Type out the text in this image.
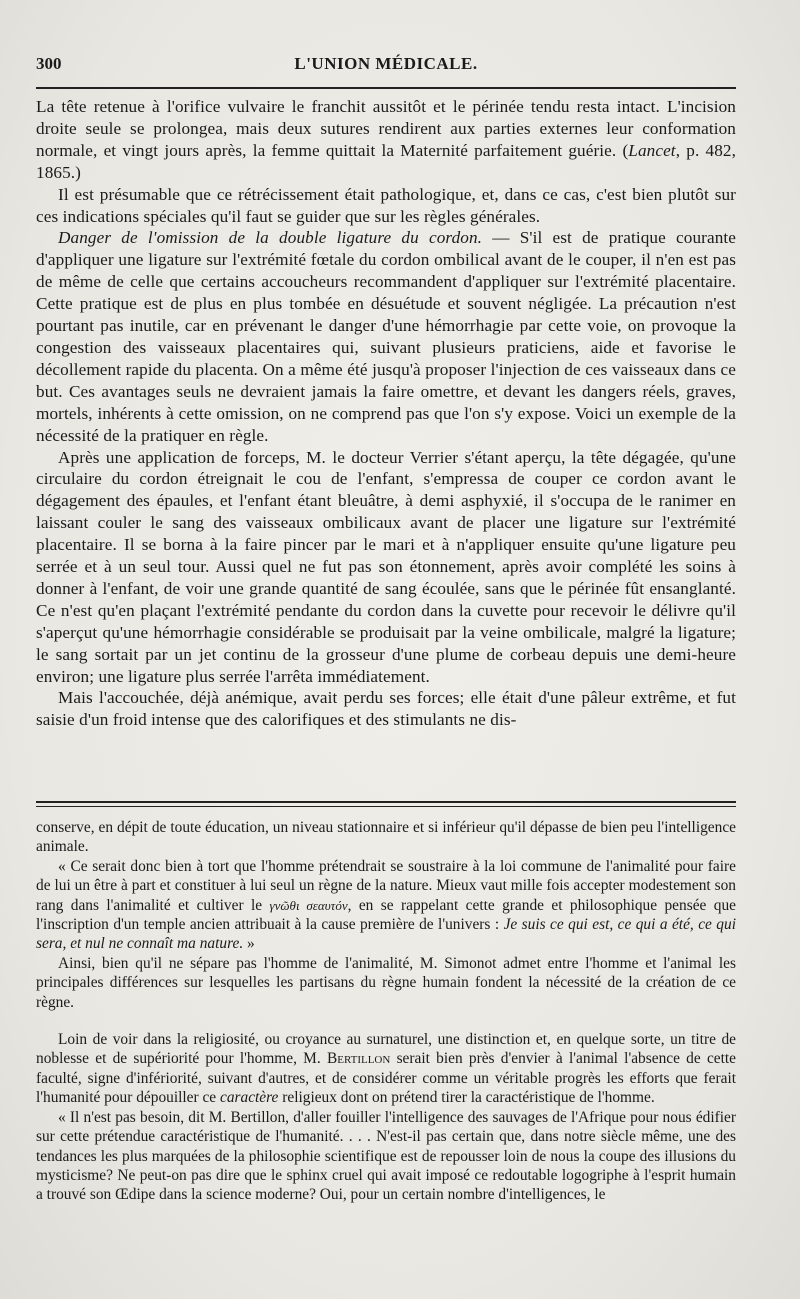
300	L'UNION MÉDICALE.

La tête retenue à l'orifice vulvaire le franchit aussitôt et le périnée tendu resta intact. L'incision droite seule se prolongea, mais deux sutures rendirent aux parties externes leur conformation normale, et vingt jours après, la femme quittait la Maternité parfaitement guérie. (Lancet, p. 482, 1865.)

Il est présumable que ce rétrécissement était pathologique, et, dans ce cas, c'est bien plutôt sur ces indications spéciales qu'il faut se guider que sur les règles générales.

Danger de l'omission de la double ligature du cordon. — S'il est de pratique courante d'appliquer une ligature sur l'extrémité fœtale du cordon ombilical avant de le couper, il n'en est pas de même de celle que certains accoucheurs recommandent d'appliquer sur l'extrémité placentaire. Cette pratique est de plus en plus tombée en désuétude et souvent négligée. La précaution n'est pourtant pas inutile, car en prévenant le danger d'une hémorrhagie par cette voie, on provoque la congestion des vaisseaux placentaires qui, suivant plusieurs praticiens, aide et favorise le décollement rapide du placenta. On a même été jusqu'à proposer l'injection de ces vaisseaux dans ce but. Ces avantages seuls ne devraient jamais la faire omettre, et devant les dangers réels, graves, mortels, inhérents à cette omission, on ne comprend pas que l'on s'y expose. Voici un exemple de la nécessité de la pratiquer en règle.

Après une application de forceps, M. le docteur Verrier s'étant aperçu, la tête dégagée, qu'une circulaire du cordon étreignait le cou de l'enfant, s'empressa de couper ce cordon avant le dégagement des épaules, et l'enfant étant bleuâtre, à demi asphyxié, il s'occupa de le ranimer en laissant couler le sang des vaisseaux ombilicaux avant de placer une ligature sur l'extrémité placentaire. Il se borna à la faire pincer par le mari et à n'appliquer ensuite qu'une ligature peu serrée et à un seul tour. Aussi quel ne fut pas son étonnement, après avoir complété les soins à donner à l'enfant, de voir une grande quantité de sang écoulée, sans que le périnée fût ensanglanté. Ce n'est qu'en plaçant l'extrémité pendante du cordon dans la cuvette pour recevoir le délivre qu'il s'aperçut qu'une hémorrhagie considérable se produisait par la veine ombilicale, malgré la ligature; le sang sortait par un jet continu de la grosseur d'une plume de corbeau depuis une demi-heure environ; une ligature plus serrée l'arrêta immédiatement.

Mais l'accouchée, déjà anémique, avait perdu ses forces; elle était d'une pâleur extrême, et fut saisie d'un froid intense que des calorifiques et des stimulants ne dis-

conserve, en dépit de toute éducation, un niveau stationnaire et si inférieur qu'il dépasse de bien peu l'intelligence animale.

« Ce serait donc bien à tort que l'homme prétendrait se soustraire à la loi commune de l'animalité pour faire de lui un être à part et constituer à lui seul un règne de la nature. Mieux vaut mille fois accepter modestement son rang dans l'animalité et cultiver le γνῶθι σεαυτόν, en se rappelant cette grande et philosophique pensée que l'inscription d'un temple ancien attribuait à la cause première de l'univers : Je suis ce qui est, ce qui a été, ce qui sera, et nul ne connaît ma nature. »

Ainsi, bien qu'il ne sépare pas l'homme de l'animalité, M. Simonot admet entre l'homme et l'animal les principales différences sur lesquelles les partisans du règne humain fondent la nécessité de la création de ce règne.

Loin de voir dans la religiosité, ou croyance au surnaturel, une distinction et, en quelque sorte, un titre de noblesse et de supériorité pour l'homme, M. Bertillon serait bien près d'envier à l'animal l'absence de cette faculté, signe d'infériorité, suivant d'autres, et de considérer comme un véritable progrès les efforts que ferait l'humanité pour dépouiller ce caractère religieux dont on prétend tirer la caractéristique de l'homme.

« Il n'est pas besoin, dit M. Bertillon, d'aller fouiller l'intelligence des sauvages de l'Afrique pour nous édifier sur cette prétendue caractéristique de l'humanité. . . . N'est-il pas certain que, dans notre siècle même, une des tendances les plus marquées de la philosophie scientifique est de repousser loin de nous la coupe des illusions du mysticisme? Ne peut-on pas dire que le sphinx cruel qui avait imposé ce redoutable logogriphe à l'esprit humain a trouvé son Œdipe dans la science moderne? Oui, pour un certain nombre d'intelligences, le
